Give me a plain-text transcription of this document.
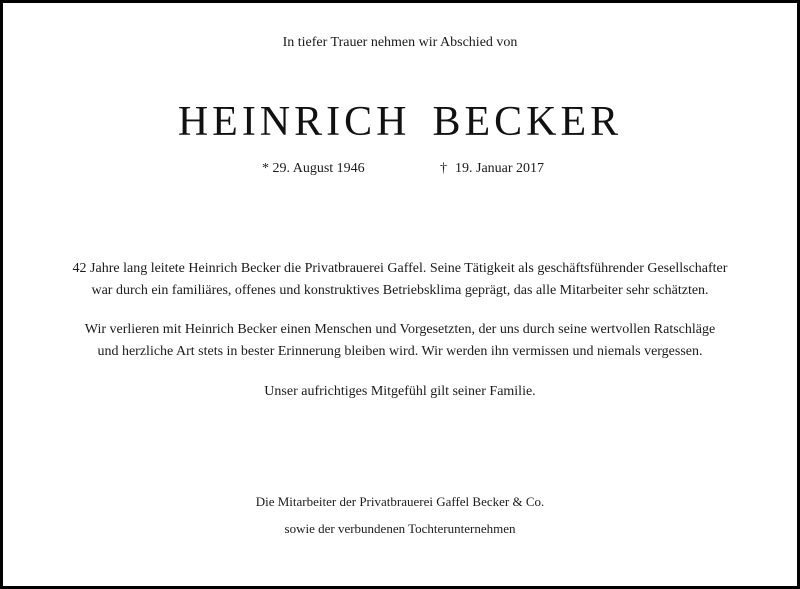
In tiefer Trauer nehmen wir Abschied von
HEINRICH BECKER
* 29. August 1946	† 19. Januar 2017
42 Jahre lang leitete Heinrich Becker die Privatbrauerei Gaffel. Seine Tätigkeit als geschäftsführender Gesellschafter
war durch ein familiäres, offenes und konstruktives Betriebsklima geprägt, das alle Mitarbeiter sehr schätzten.
Wir verlieren mit Heinrich Becker einen Menschen und Vorgesetzten, der uns durch seine wertvollen Ratschläge
und herzliche Art stets in bester Erinnerung bleiben wird. Wir werden ihn vermissen und niemals vergessen.
Unser aufrichtiges Mitgefühl gilt seiner Familie.
Die Mitarbeiter der Privatbrauerei Gaffel Becker & Co.
sowie der verbundenen Tochterunternehmen
